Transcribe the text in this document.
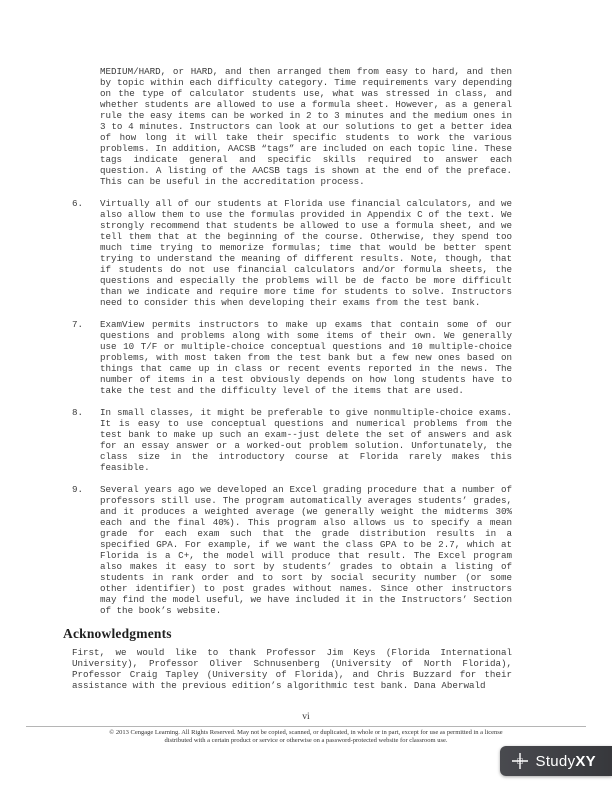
MEDIUM/HARD, or HARD, and then arranged them from easy to hard, and then by topic within each difficulty category. Time requirements vary depending on the type of calculator students use, what was stressed in class, and whether students are allowed to use a formula sheet. However, as a general rule the easy items can be worked in 2 to 3 minutes and the medium ones in 3 to 4 minutes. Instructors can look at our solutions to get a better idea of how long it will take their specific students to work the various problems. In addition, AACSB “tags” are included on each topic line. These tags indicate general and specific skills required to answer each question. A listing of the AACSB tags is shown at the end of the preface. This can be useful in the accreditation process.

6.	Virtually all of our students at Florida use financial calculators, and we also allow them to use the formulas provided in Appendix C of the text. We strongly recommend that students be allowed to use a formula sheet, and we tell them that at the beginning of the course. Otherwise, they spend too much time trying to memorize formulas; time that would be better spent trying to understand the meaning of different results. Note, though, that if students do not use financial calculators and/or formula sheets, the questions and especially the problems will be de facto be more difficult than we indicate and require more time for students to solve. Instructors need to consider this when developing their exams from the test bank.
7.	ExamView permits instructors to make up exams that contain some of our questions and problems along with some items of their own. We generally use 10 T/F or multiple-choice conceptual questions and 10 multiple-choice problems, with most taken from the test bank but a few new ones based on things that came up in class or recent events reported in the news. The number of items in a test obviously depends on how long students have to take the test and the difficulty level of the items that are used.
8.	In small classes, it might be preferable to give nonmultiple-choice exams. It is easy to use conceptual questions and numerical problems from the test bank to make up such an exam--just delete the set of answers and ask for an essay answer or a worked-out problem solution. Unfortunately, the class size in the introductory course at Florida rarely makes this feasible.
9.	Several years ago we developed an Excel grading procedure that a number of professors still use. The program automatically averages students’ grades, and it produces a weighted average (we generally weight the midterms 30% each and the final 40%). This program also allows us to specify a mean grade for each exam such that the grade distribution results in a specified GPA. For example, if we want the class GPA to be 2.7, which at Florida is a C+, the model will produce that result. The Excel program also makes it easy to sort by students’ grades to obtain a listing of students in rank order and to sort by social security number (or some other identifier) to post grades without names. Since other instructors may find the model useful, we have included it in the Instructors’ Section of the book’s website.
Acknowledgments

First, we would like to thank Professor Jim Keys (Florida International University), Professor Oliver Schnusenberg (University of North Florida), Professor Craig Tapley (University of Florida), and Chris Buzzard for their assistance with the previous edition’s algorithmic test bank. Dana Aberwald

vi
© 2013 Cengage Learning. All Rights Reserved. May not be copied, scanned, or duplicated, in whole or in part, except for use as permitted in a license
distributed with a certain product or service or otherwise on a password-protected website for classroom use.
StudyXY
